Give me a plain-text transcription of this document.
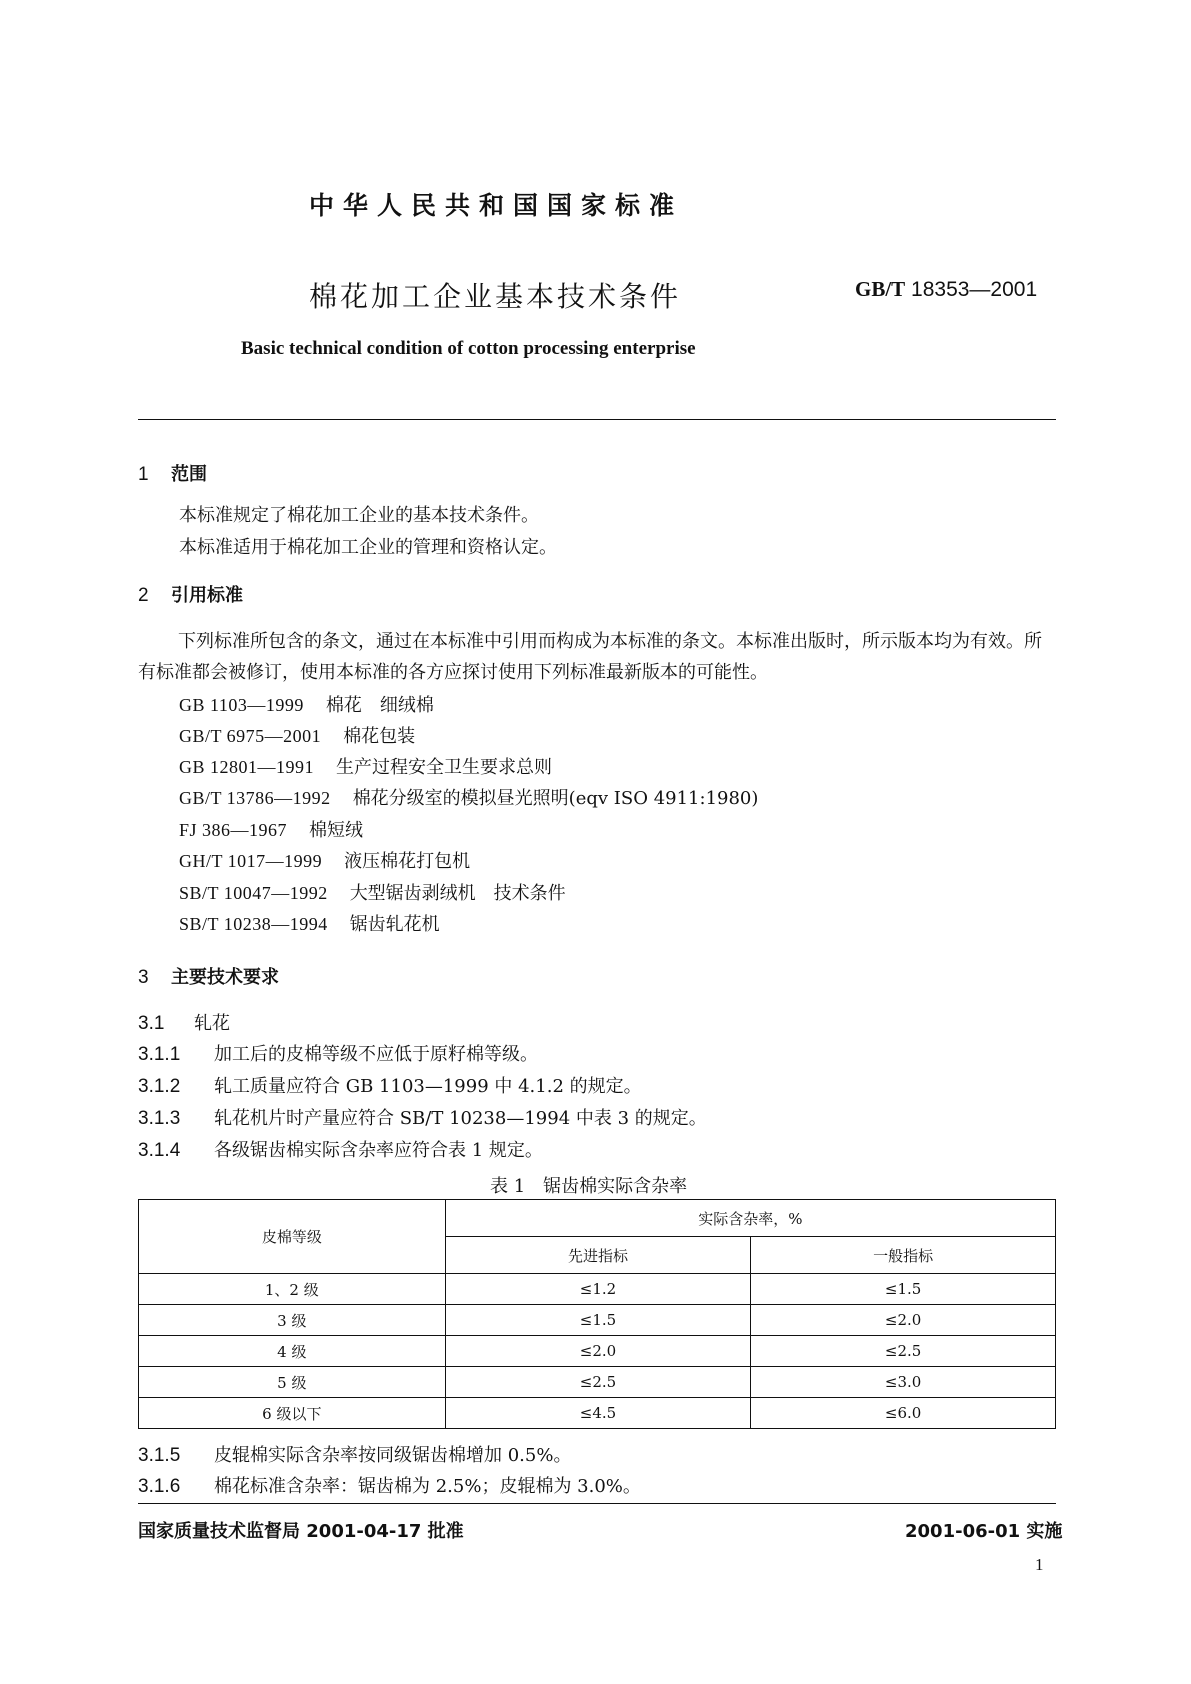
中华人民共和国国家标准
棉花加工企业基本技术条件	GB/T 18353—2001
Basic technical condition of cotton processing enterprise
1 范围
本标准规定了棉花加工企业的基本技术条件。
本标准适用于棉花加工企业的管理和资格认定。
2 引用标准
下列标准所包含的条文，通过在本标准中引用而构成为本标准的条文。本标准出版时，所示版本均为有效。所有标准都会被修订，使用本标准的各方应探讨使用下列标准最新版本的可能性。
GB 1103—1999 棉花　细绒棉
GB/T 6975—2001 棉花包装
GB 12801—1991 生产过程安全卫生要求总则
GB/T 13786—1992 棉花分级室的模拟昼光照明(eqv ISO 4911:1980)
FJ 386—1967 棉短绒
GH/T 1017—1999 液压棉花打包机
SB/T 10047—1992 大型锯齿剥绒机　技术条件
SB/T 10238—1994 锯齿轧花机
3 主要技术要求
3.1 轧花
3.1.1 加工后的皮棉等级不应低于原籽棉等级。
3.1.2 轧工质量应符合 GB 1103—1999 中 4.1.2 的规定。
3.1.3 轧花机片时产量应符合 SB/T 10238—1994 中表 3 的规定。
3.1.4 各级锯齿棉实际含杂率应符合表 1 规定。
表 1　锯齿棉实际含杂率
皮棉等级	实际含杂率，%	
	先进指标	一般指标
1、2 级	≤1.2	≤1.5
3 级	≤1.5	≤2.0
4 级	≤2.0	≤2.5
5 级	≤2.5	≤3.0
6 级以下	≤4.5	≤6.0
3.1.5 皮辊棉实际含杂率按同级锯齿棉增加 0.5%。
3.1.6 棉花标准含杂率：锯齿棉为 2.5%；皮辊棉为 3.0%。
国家质量技术监督局 2001-04-17 批准	2001-06-01 实施
1
